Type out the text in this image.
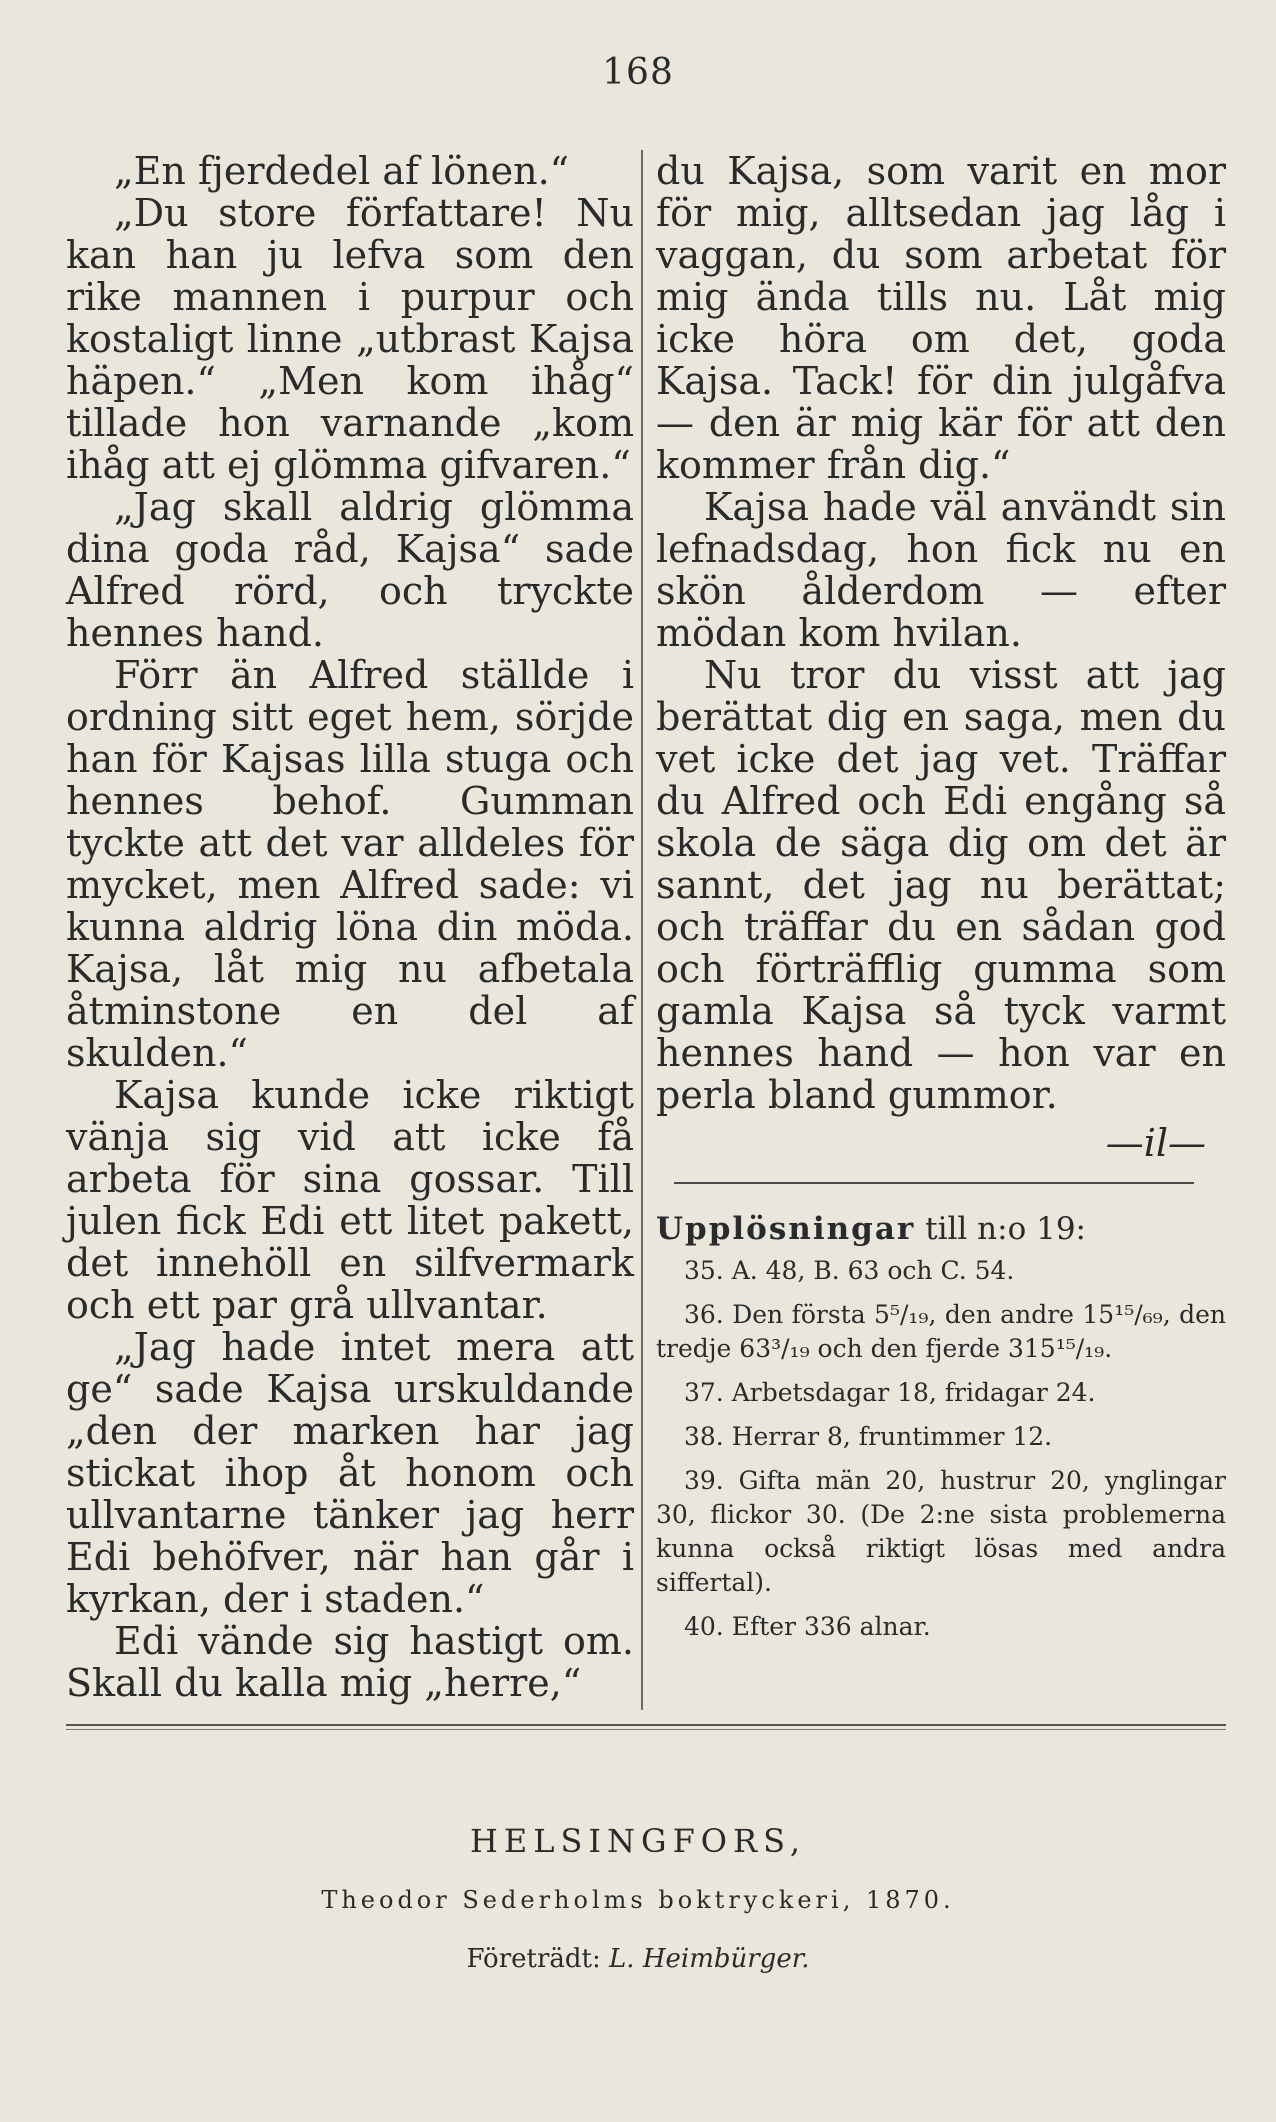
168

„En fjerdedel af lönen.“

„Du store författare! Nu kan han ju lefva som den rike mannen i purpur och kostaligt linne „utbrast Kajsa häpen.“ „Men kom ihåg“ tillade hon varnande „kom ihåg att ej glömma gifvaren.“

„Jag skall aldrig glömma dina goda råd, Kajsa“ sade Alfred rörd, och tryckte hennes hand.

Förr än Alfred ställde i ordning sitt eget hem, sörjde han för Kajsas lilla stuga och hennes behof. Gumman tyckte att det var alldeles för mycket, men Alfred sade: vi kunna aldrig löna din möda. Kajsa, låt mig nu afbetala åtminstone en del af skulden.“

Kajsa kunde icke riktigt vänja sig vid att icke få arbeta för sina gossar. Till julen fick Edi ett litet pakett, det innehöll en silfvermark och ett par grå ullvantar.

„Jag hade intet mera att ge“ sade Kajsa urskuldande „den der marken har jag stickat ihop åt honom och ullvantarne tänker jag herr Edi behöfver, när han går i kyrkan, der i staden.“

Edi vände sig hastigt om. Skall du kalla mig „herre,“

du Kajsa, som varit en mor för mig, alltsedan jag låg i vaggan, du som arbetat för mig ända tills nu. Låt mig icke höra om det, goda Kajsa. Tack! för din julgåfva — den är mig kär för att den kommer från dig.“

Kajsa hade väl användt sin lefnadsdag, hon fick nu en skön ålderdom — efter mödan kom hvilan.

Nu tror du visst att jag berättat dig en saga, men du vet icke det jag vet. Träffar du Alfred och Edi engång så skola de säga dig om det är sannt, det jag nu berättat; och träffar du en sådan god och förträfflig gumma som gamla Kajsa så tyck varmt hennes hand — hon var en perla bland gummor.

—il—
Upplösningar till n:o 19:
35. A. 48, B. 63 och C. 54.
36. Den första 5⁵/₁₉, den andre 15¹⁵/₆₉, den tredje 63³/₁₉ och den fjerde 315¹⁵/₁₉.
37. Arbetsdagar 18, fridagar 24.
38. Herrar 8, fruntimmer 12.
39. Gifta män 20, hustrur 20, ynglingar 30, flickor 30. (De 2:ne sista problemerna kunna också riktigt lösas med andra siffertal).
40. Efter 336 alnar.
HELSINGFORS,
Theodor Sederholms boktryckeri, 1870.
Företrädt: L. Heimbürger.
